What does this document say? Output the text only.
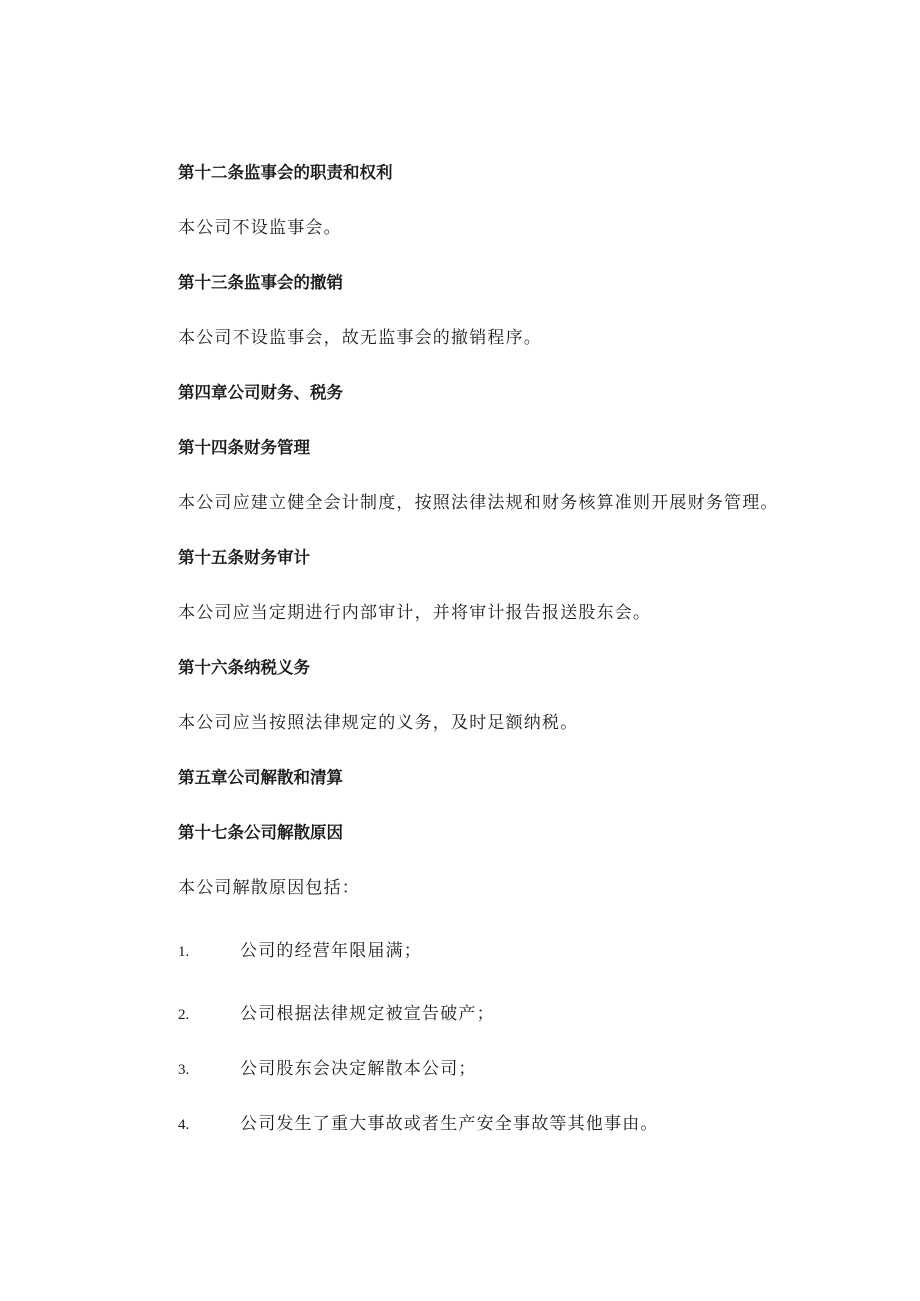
第十二条监事会的职责和权利
本公司不设监事会。
第十三条监事会的撤销
本公司不设监事会，故无监事会的撤销程序。
第四章公司财务、税务
第十四条财务管理
本公司应建立健全会计制度，按照法律法规和财务核算准则开展财务管理。
第十五条财务审计
本公司应当定期进行内部审计，并将审计报告报送股东会。
第十六条纳税义务
本公司应当按照法律规定的义务，及时足额纳税。
第五章公司解散和清算
第十七条公司解散原因
本公司解散原因包括：
1.	公司的经营年限届满；
2.	公司根据法律规定被宣告破产；
3.	公司股东会决定解散本公司；
4.	公司发生了重大事故或者生产安全事故等其他事由。
